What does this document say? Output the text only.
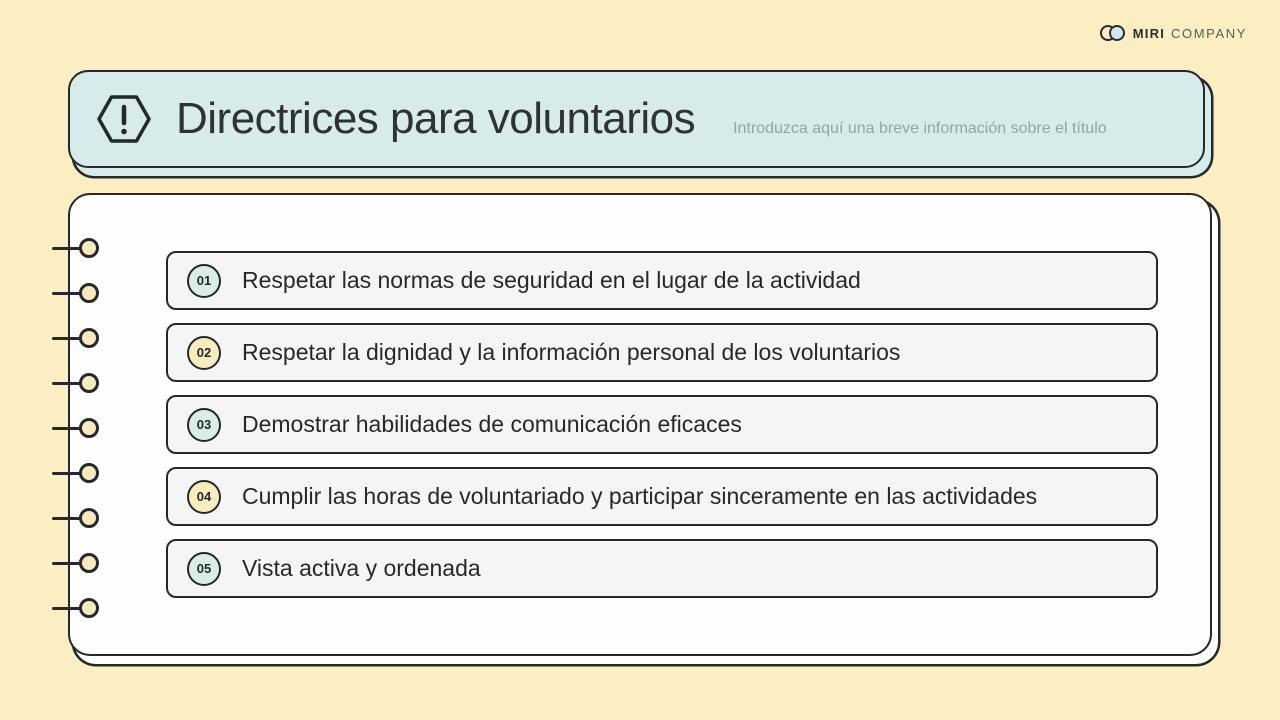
MIRI COMPANY
Directrices para voluntarios Introduzca aquí una breve información sobre el título
01	Respetar las normas de seguridad en el lugar de la actividad
02	Respetar la dignidad y la información personal de los voluntarios
03	Demostrar habilidades de comunicación eficaces
04	Cumplir las horas de voluntariado y participar sinceramente en las actividades
05	Vista activa y ordenada
